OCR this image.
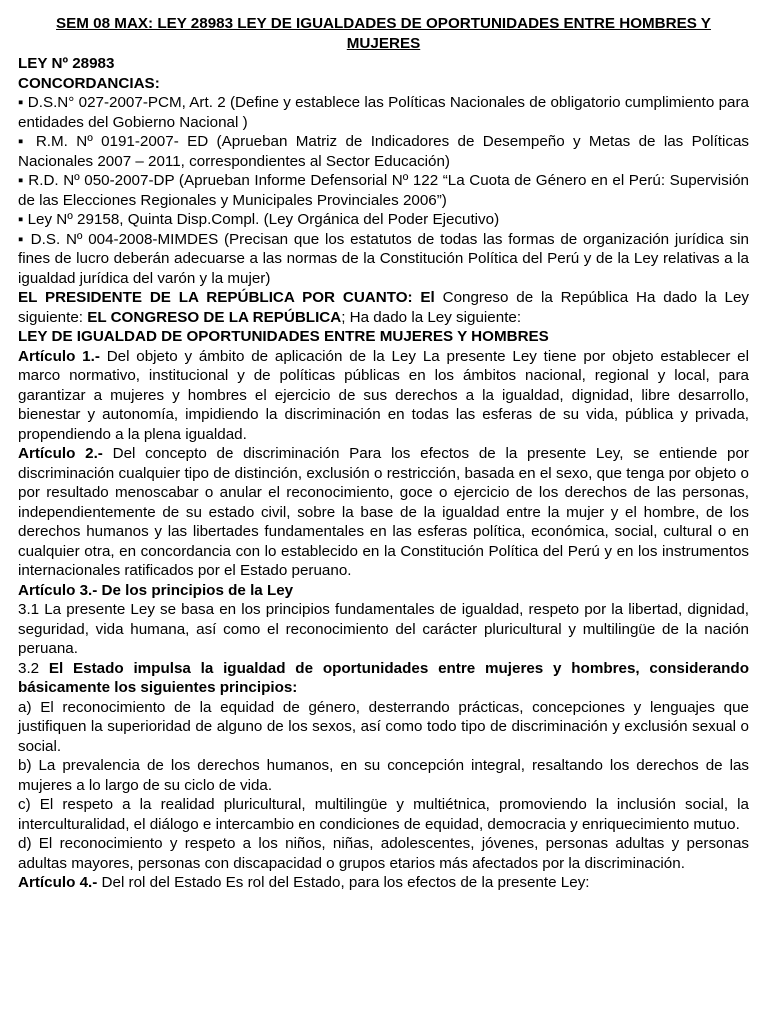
SEM 08 MAX: LEY 28983 LEY DE IGUALDADES DE OPORTUNIDADES ENTRE HOMBRES Y MUJERES

LEY Nº 28983

CONCORDANCIAS:

▪ D.S.N° 027-2007-PCM, Art. 2 (Define y establece las Políticas Nacionales de obligatorio cumplimiento para entidades del Gobierno Nacional )

▪ R.M. Nº 0191-2007- ED (Aprueban Matriz de Indicadores de Desempeño y Metas de las Políticas Nacionales 2007 – 2011, correspondientes al Sector Educación)

▪ R.D. Nº 050-2007-DP (Aprueban Informe Defensorial Nº 122 “La Cuota de Género en el Perú: Supervisión de las Elecciones Regionales y Municipales Provinciales 2006”)

▪ Ley Nº 29158, Quinta Disp.Compl. (Ley Orgánica del Poder Ejecutivo)

▪ D.S. Nº 004-2008-MIMDES (Precisan que los estatutos de todas las formas de organización jurídica sin fines de lucro deberán adecuarse a las normas de la Constitución Política del Perú y de la Ley relativas a la igualdad jurídica del varón y la mujer)

EL PRESIDENTE DE LA REPÚBLICA POR CUANTO: El Congreso de la República Ha dado la Ley siguiente: EL CONGRESO DE LA REPÚBLICA; Ha dado la Ley siguiente:

LEY DE IGUALDAD DE OPORTUNIDADES ENTRE MUJERES Y HOMBRES

Artículo 1.- Del objeto y ámbito de aplicación de la Ley La presente Ley tiene por objeto establecer el marco normativo, institucional y de políticas públicas en los ámbitos nacional, regional y local, para garantizar a mujeres y hombres el ejercicio de sus derechos a la igualdad, dignidad, libre desarrollo, bienestar y autonomía, impidiendo la discriminación en todas las esferas de su vida, pública y privada, propendiendo a la plena igualdad.

Artículo 2.- Del concepto de discriminación Para los efectos de la presente Ley, se entiende por discriminación cualquier tipo de distinción, exclusión o restricción, basada en el sexo, que tenga por objeto o por resultado menoscabar o anular el reconocimiento, goce o ejercicio de los derechos de las personas, independientemente de su estado civil, sobre la base de la igualdad entre la mujer y el hombre, de los derechos humanos y las libertades fundamentales en las esferas política, económica, social, cultural o en cualquier otra, en concordancia con lo establecido en la Constitución Política del Perú y en los instrumentos internacionales ratificados por el Estado peruano.

Artículo 3.- De los principios de la Ley

3.1 La presente Ley se basa en los principios fundamentales de igualdad, respeto por la libertad, dignidad, seguridad, vida humana, así como el reconocimiento del carácter pluricultural y multilingüe de la nación peruana.

3.2 El Estado impulsa la igualdad de oportunidades entre mujeres y hombres, considerando básicamente los siguientes principios:

a) El reconocimiento de la equidad de género, desterrando prácticas, concepciones y lenguajes que justifiquen la superioridad de alguno de los sexos, así como todo tipo de discriminación y exclusión sexual o social.

b) La prevalencia de los derechos humanos, en su concepción integral, resaltando los derechos de las mujeres a lo largo de su ciclo de vida.

c) El respeto a la realidad pluricultural, multilingüe y multiétnica, promoviendo la inclusión social, la interculturalidad, el diálogo e intercambio en condiciones de equidad, democracia y enriquecimiento mutuo.

d) El reconocimiento y respeto a los niños, niñas, adolescentes, jóvenes, personas adultas y personas adultas mayores, personas con discapacidad o grupos etarios más afectados por la discriminación.

Artículo 4.- Del rol del Estado Es rol del Estado, para los efectos de la presente Ley:
